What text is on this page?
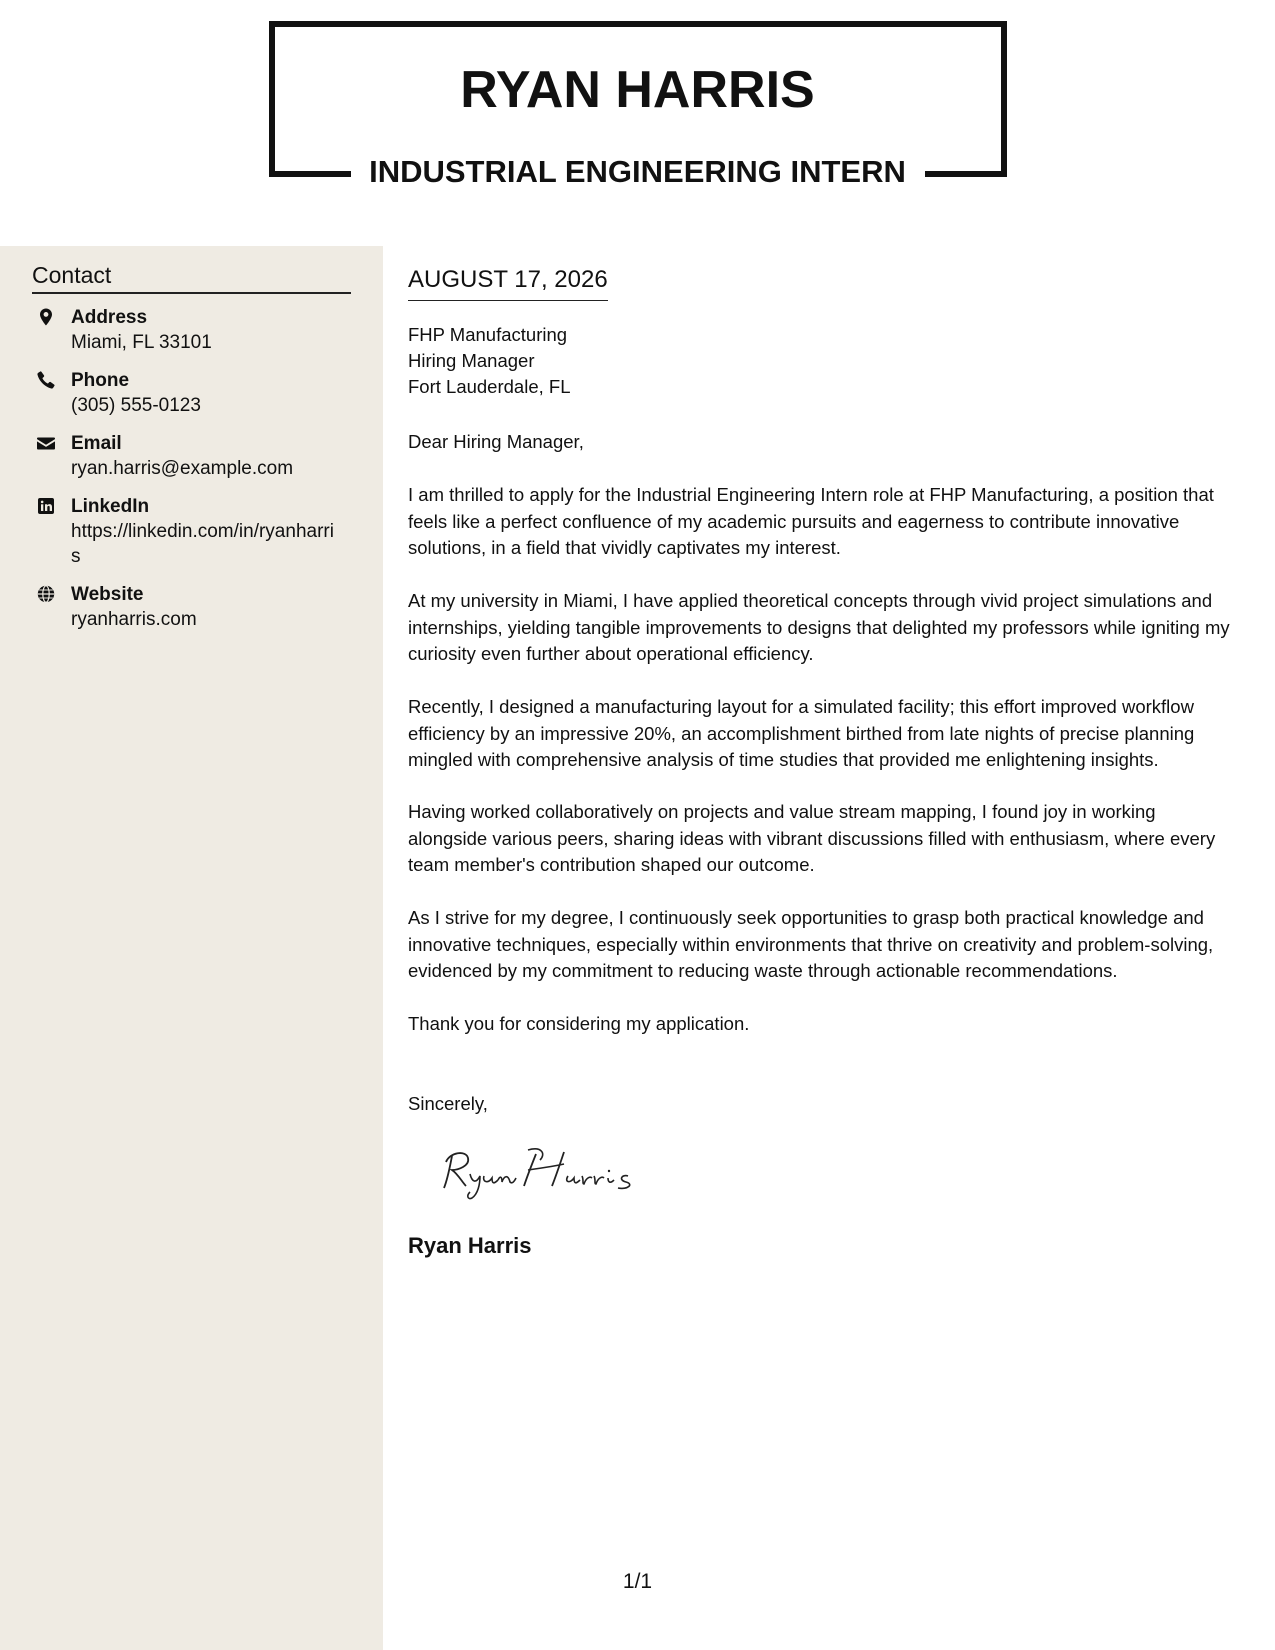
RYAN HARRIS
INDUSTRIAL ENGINEERING INTERN
Contact
Address
Miami, FL 33101
Phone
(305) 555-0123
Email
ryan.harris@example.com
LinkedIn
https://linkedin.com/in/ryanharris
Website
ryanharris.com
AUGUST 17, 2026
FHP Manufacturing
Hiring Manager
Fort Lauderdale, FL
Dear Hiring Manager,
I am thrilled to apply for the Industrial Engineering Intern role at FHP Manufacturing, a position that feels like a perfect confluence of my academic pursuits and eagerness to contribute innovative solutions, in a field that vividly captivates my interest.
At my university in Miami, I have applied theoretical concepts through vivid project simulations and internships, yielding tangible improvements to designs that delighted my professors while igniting my curiosity even further about operational efficiency.
Recently, I designed a manufacturing layout for a simulated facility; this effort improved workflow efficiency by an impressive 20%, an accomplishment birthed from late nights of precise planning mingled with comprehensive analysis of time studies that provided me enlightening insights.
Having worked collaboratively on projects and value stream mapping, I found joy in working alongside various peers, sharing ideas with vibrant discussions filled with enthusiasm, where every team member's contribution shaped our outcome.
As I strive for my degree, I continuously seek opportunities to grasp both practical knowledge and innovative techniques, especially within environments that thrive on creativity and problem-solving, evidenced by my commitment to reducing waste through actionable recommendations.
Thank you for considering my application.
Sincerely,
Ryan Harris
1/1
